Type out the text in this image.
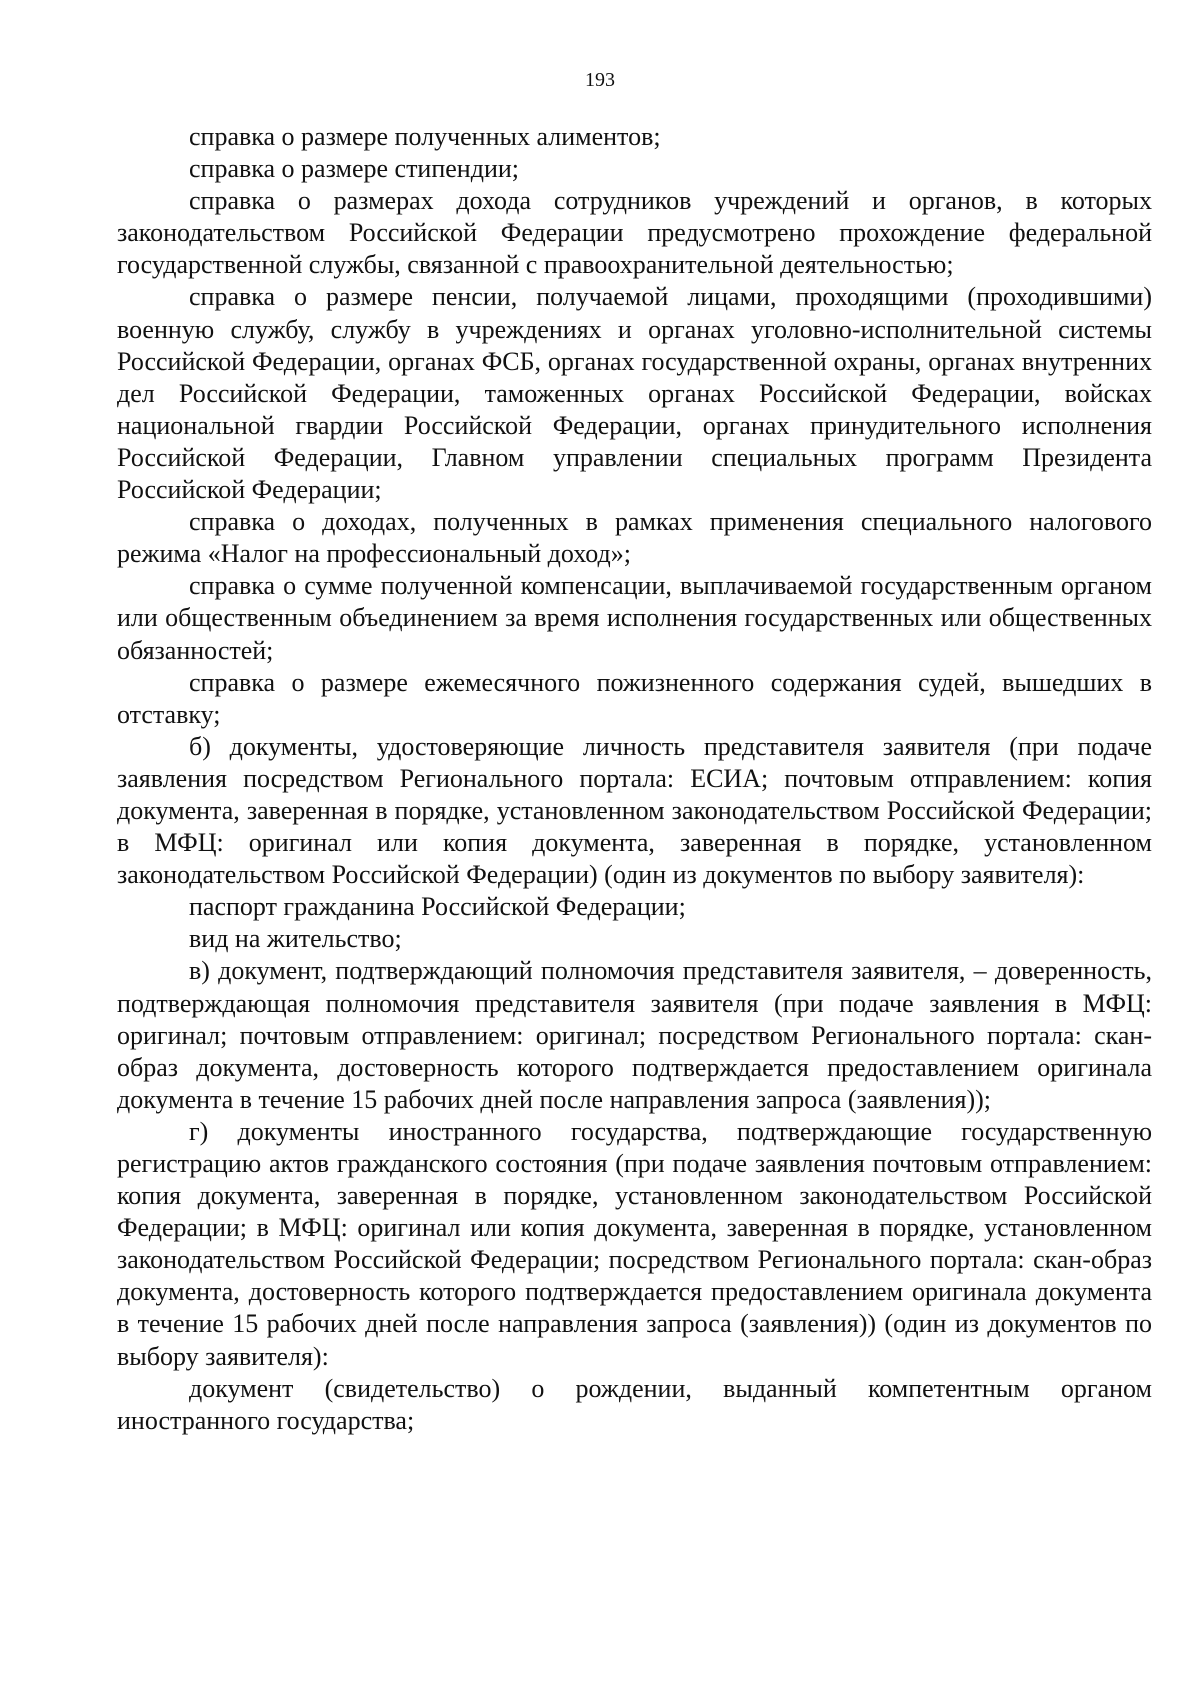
193

справка о размере полученных алиментов;

справка о размере стипендии;

справка о размерах дохода сотрудников учреждений и органов, в которых законодательством Российской Федерации предусмотрено прохождение федеральной государственной службы, связанной с правоохранительной деятельностью;

справка о размере пенсии, получаемой лицами, проходящими (проходившими) военную службу, службу в учреждениях и органах уголовно-исполнительной системы Российской Федерации, органах ФСБ, органах государственной охраны, органах внутренних дел Российской Федерации, таможенных органах Российской Федерации, войсках национальной гвардии Российской Федерации, органах принудительного исполнения Российской Федерации, Главном управлении специальных программ Президента Российской Федерации;

справка о доходах, полученных в рамках применения специального налогового режима «Налог на профессиональный доход»;

справка о сумме полученной компенсации, выплачиваемой государственным органом или общественным объединением за время исполнения государственных или общественных обязанностей;

справка о размере ежемесячного пожизненного содержания судей, вышедших в отставку;

б) документы, удостоверяющие личность представителя заявителя (при подаче заявления посредством Регионального портала: ЕСИА; почтовым отправлением: копия документа, заверенная в порядке, установленном законодательством Российской Федерации; в МФЦ: оригинал или копия документа, заверенная в порядке, установленном законодательством Российской Федерации) (один из документов по выбору заявителя):

паспорт гражданина Российской Федерации;

вид на жительство;

в) документ, подтверждающий полномочия представителя заявителя, – доверенность, подтверждающая полномочия представителя заявителя (при подаче заявления в МФЦ: оригинал; почтовым отправлением: оригинал; посредством Регионального портала: скан-образ документа, достоверность которого подтверждается предоставлением оригинала документа в течение 15 рабочих дней после направления запроса (заявления));

г) документы иностранного государства, подтверждающие государственную регистрацию актов гражданского состояния (при подаче заявления почтовым отправлением: копия документа, заверенная в порядке, установленном законодательством Российской Федерации; в МФЦ: оригинал или копия документа, заверенная в порядке, установленном законодательством Российской Федерации; посредством Регионального портала: скан-образ документа, достоверность которого подтверждается предоставлением оригинала документа в течение 15 рабочих дней после направления запроса (заявления)) (один из документов по выбору заявителя):

документ (свидетельство) о рождении, выданный компетентным органом иностранного государства;
